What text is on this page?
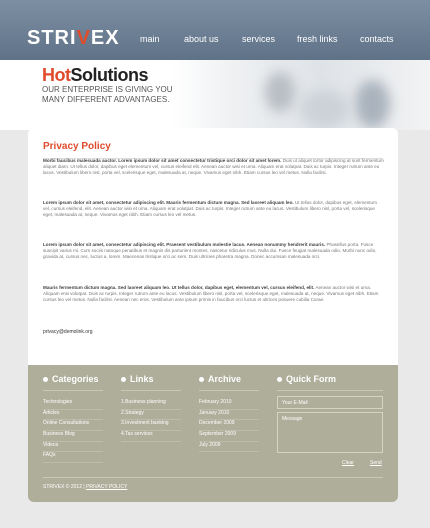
STRIVEX main	about us	services fresh links contacts
HotSolutions
OUR ENTERPRISE IS GIVING YOU MANY DIFFERENT ADVANTAGES.
Privacy Policy
Morbi faucibus malesuada auctor. Lorem ipsum dolor sit amet consectetur tristique orci dolor sit amet lorem. Duis ut aliquet tortor adipiscing at sunt fermentum aliquet diam. Ut tellus dolor, dapibus eget elementum vel, cursus eleifend elit. Aenean auctor wisi et urna. Aliquam erat volutpat. Duis ac turpis. Integer rutrum ante eu lacus. Vestibulum libero nisl, porta vel, scelerisque eget, malesuada at, neque. Vivamus eget nibh. Etiam cursus leo vel metus. Nulla facilisi.
Lorem ipsum dolor sit amet, consectetur adipiscing elit. Mauris fermentum dictum magna. Sed laoreet aliquam leo. Ut tellus dolor, dapibus eget, elementum vel, cursus eleifend, elit. Aenean auctor wisi et urna. Aliquam erat volutpat. Duis ac turpis. Integer rutrum ante eu lacus. Vestibulum libero nisl, porta vel, scelerisque eget, malesuada at, neque. Vivamus eget nibh. Etiam cursus leo vel metus.
Lorem ipsum dolor sit amet, consectetur adipiscing elit. Praesent vestibulum molestie lacus. Aenean nonummy hendrerit mauris. Phasellus porta. Fusce suscipit varius mi. Cum sociis natoque penatibus et magnis dis parturient montes, nascetur ridiculus mus. Nulla dui. Fusce feugiat malesuada odio. Morbi nunc odio, gravida at, cursus nec, luctus a, lorem. Maecenas tristique orci ac sem. Duis ultricies pharetra magna. Donec accumsan malesuada orci.
Mauris fermentum dictum magna. Sed laoreet aliquam leo. Ut tellus dolor, dapibus eget, elementum vel, cursus eleifend, elit. Aenean auctor wisi et urna. Aliquam erat volutpat. Duis ac turpis. Integer rutrum ante eu lacus. Vestibulum libero nisl, porta vel, scelerisque eget, malesuada at, neque. Vivamus eget nibh. Etiam cursus leo vel metus. Nulla facilisi. Aenean nec eros. Vestibulum ante ipsum primis in faucibus orci luctus et ultrices posuere cubilia Curae.
privacy@demolink.org
Categories
Technologies
Articles
Online Consultations
Business Blog
Videos
FAQs
Links
1.Business planning
2.Strategy
3.Investment banking
4.Tax services
Archive
February 2010
January 2010
December 2009
September 2009
July 2009
Quick Form
Your E-Mail
Message
Clear	Send
STRIVEX © 2012 | PRIVACY POLICY
